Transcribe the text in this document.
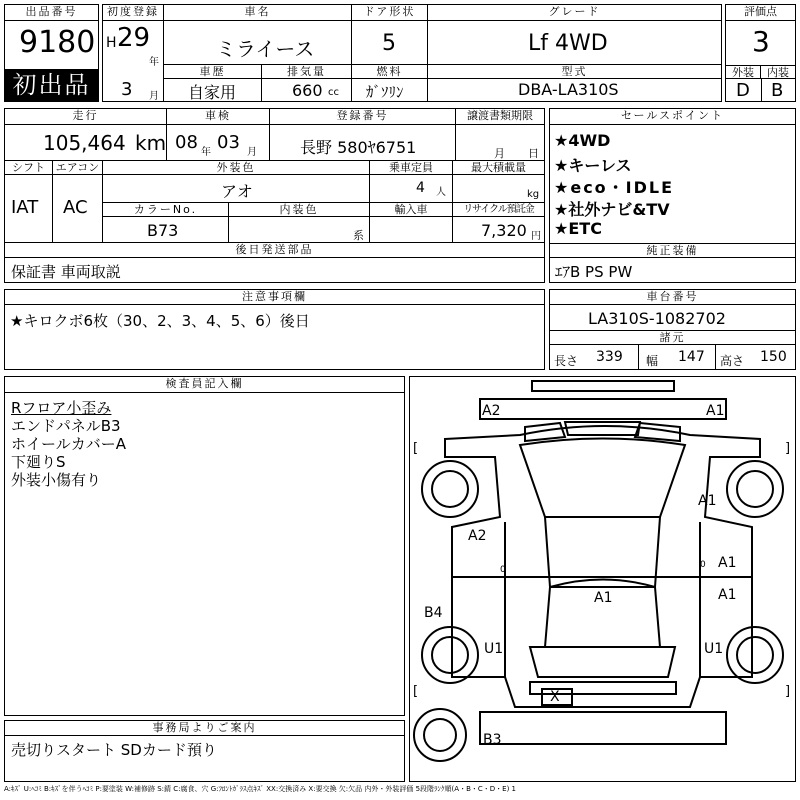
出品番号
9180
初出品
初度登録
H 29
年
3 月
車名
ミライース
ドア形状
5
グレード
Lf 4WD
車歴
自家用
排気量
660 cc
燃料
ｶﾞｿﾘﾝ
型式
DBA-LA310S
評価点
3
外装	内装
D B
走行
105,464 km
車検
08 年 03 月
登録番号
長野 580ﾔ6751
譲渡書類期限
月 日
シフト
IAT
エアコン
AC
外装色
アオ
乗車定員
4 人
最大積載量
kg
カラーNo.
B73
内装色
系
輸入車	リサイクル預託金
7,320 円
後日発送部品
保証書 車両取説
セールスポイント
★4WD
★キーレス
★eco・IDLE
★社外ナビ&TV
★ETC
純正装備
ｴｱB PS PW
注意事項欄
★キロクボ6枚（30、2、3、4、5、6）後日
車台番号
LA310S-1082702
諸元
長さ 339 幅 147 高さ 150
検査員記入欄
Rフロア小歪み
エンドパネルB3
ホイールカバーA
下廻りS
外装小傷有り
事務局よりご案内
売切りスタート SDカード預り
[	]
[	]
0	0
A2	A1
A1
A2
A1
A1
A1
B4
U1	U1
X
B3
A:ｷｽﾞ U:ﾍｺﾐ B:ｷｽﾞを伴うﾍｺﾐ P:要塗装 W:補修跡 S:錆 C:腐食、穴 G:ﾌﾛﾝﾄｶﾞﾗｽ点ｷｽﾞ XX:交換済み X:要交換 欠:欠品 内外・外装評価 5段階ﾗﾝｸ順(A・B・C・D・E) 1
